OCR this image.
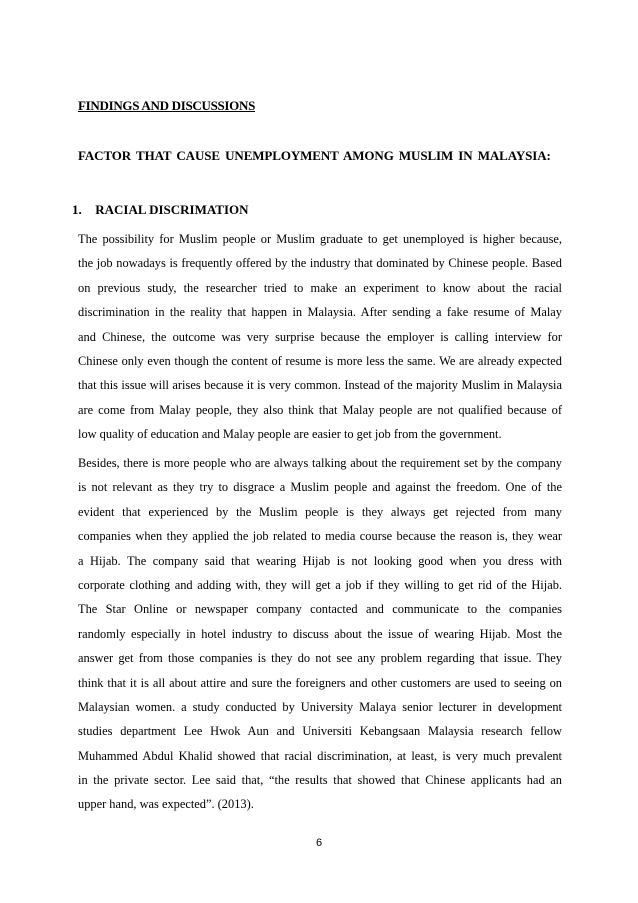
FINDINGS AND DISCUSSIONS
FACTOR THAT CAUSE UNEMPLOYMENT AMONG MUSLIM IN MALAYSIA:
1. RACIAL DISCRIMATION
The possibility for Muslim people or Muslim graduate to get unemployed is higher because,
the job nowadays is frequently offered by the industry that dominated by Chinese people. Based
on previous study, the researcher tried to make an experiment to know about the racial
discrimination in the reality that happen in Malaysia. After sending a fake resume of Malay
and Chinese, the outcome was very surprise because the employer is calling interview for
Chinese only even though the content of resume is more less the same. We are already expected
that this issue will arises because it is very common. Instead of the majority Muslim in Malaysia
are come from Malay people, they also think that Malay people are not qualified because of
low quality of education and Malay people are easier to get job from the government.
Besides, there is more people who are always talking about the requirement set by the company
is not relevant as they try to disgrace a Muslim people and against the freedom. One of the
evident that experienced by the Muslim people is they always get rejected from many
companies when they applied the job related to media course because the reason is, they wear
a Hijab. The company said that wearing Hijab is not looking good when you dress with
corporate clothing and adding with, they will get a job if they willing to get rid of the Hijab.
The Star Online or newspaper company contacted and communicate to the companies
randomly especially in hotel industry to discuss about the issue of wearing Hijab. Most the
answer get from those companies is they do not see any problem regarding that issue. They
think that it is all about attire and sure the foreigners and other customers are used to seeing on
Malaysian women. a study conducted by University Malaya senior lecturer in development
studies department Lee Hwok Aun and Universiti Kebangsaan Malaysia research fellow
Muhammed Abdul Khalid showed that racial discrimination, at least, is very much prevalent
in the private sector. Lee said that, “the results that showed that Chinese applicants had an
upper hand, was expected”. (2013).
6
